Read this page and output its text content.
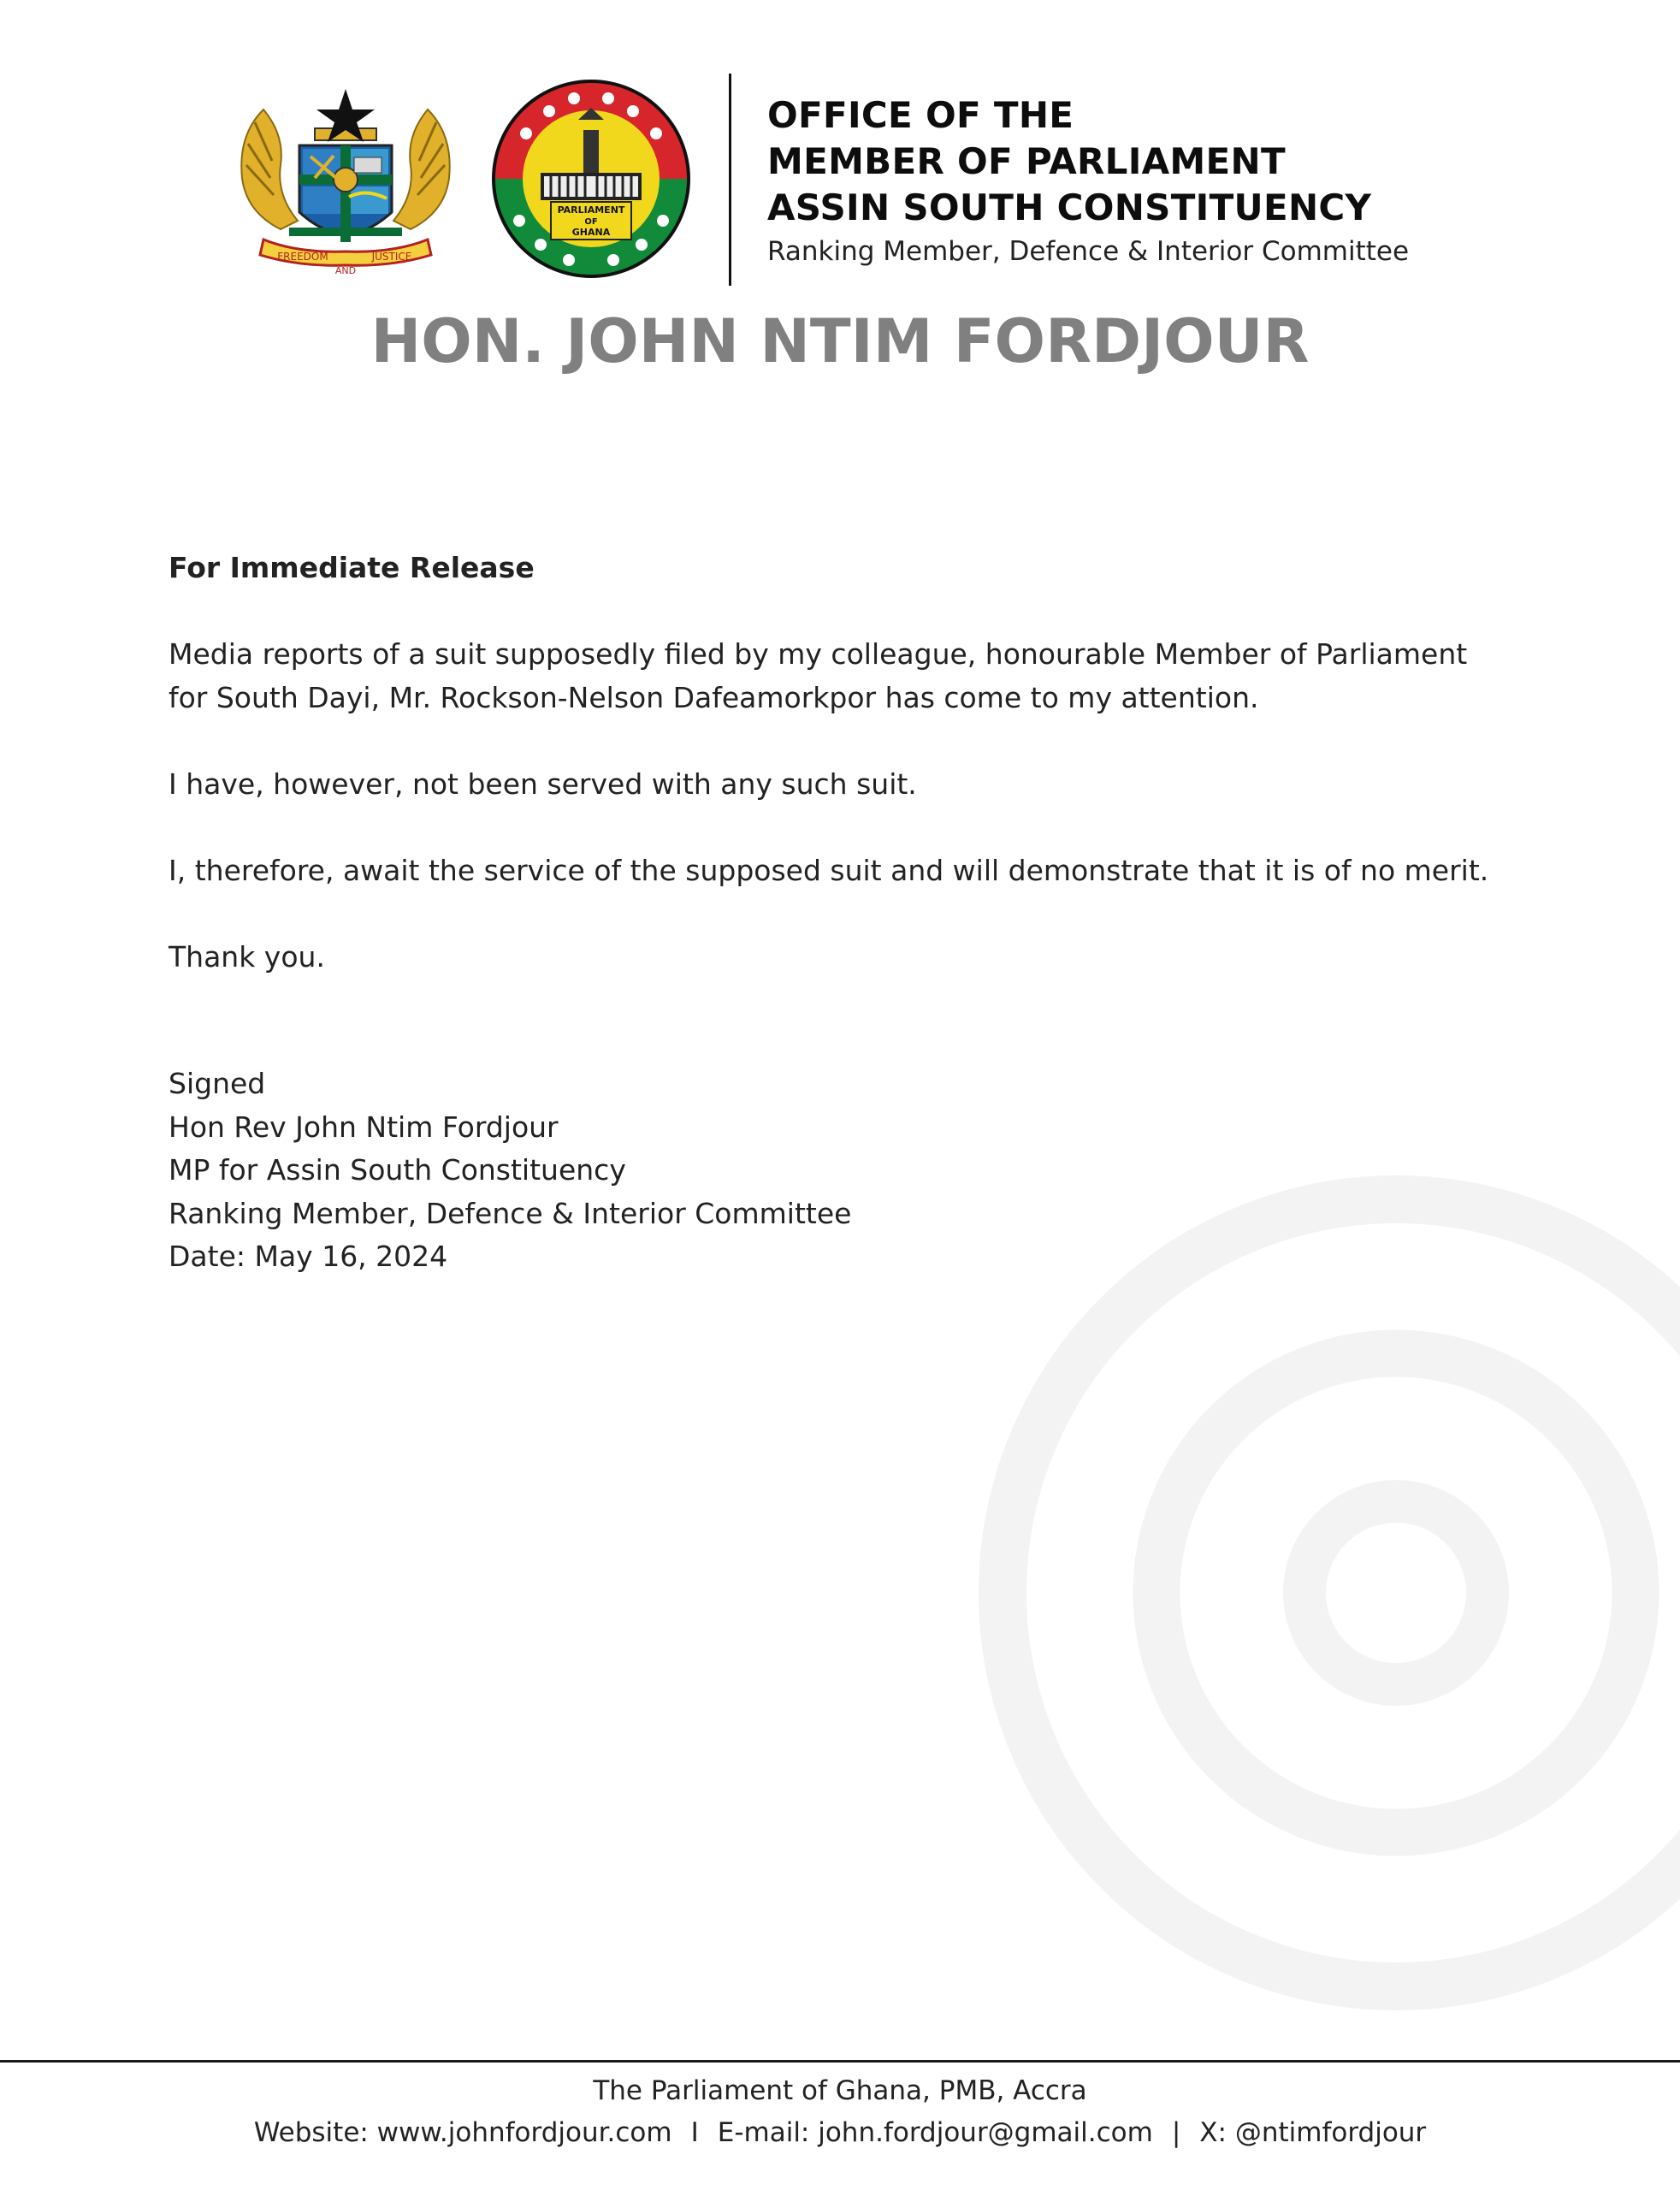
FREEDOM
AND
JUSTICE
PARLIAMENT
OF
GHANA
OFFICE OF THE
MEMBER OF PARLIAMENT
ASSIN SOUTH CONSTITUENCY
Ranking Member, Defence & Interior Committee
HON. JOHN NTIM FORDJOUR
For Immediate Release
Media reports of a suit supposedly filed by my colleague, honourable Member of Parliament
for South Dayi, Mr. Rockson-Nelson Dafeamorkpor has come to my attention.
I have, however, not been served with any such suit.
I, therefore, await the service of the supposed suit and will demonstrate that it is of no merit.
Thank you.
Signed
Hon Rev John Ntim Fordjour
MP for Assin South Constituency
Ranking Member, Defence & Interior Committee
Date: May 16, 2024
The Parliament of Ghana, PMB, Accra
Website: www.johnfordjour.com I E-mail: john.fordjour@gmail.com | X: @ntimfordjour
